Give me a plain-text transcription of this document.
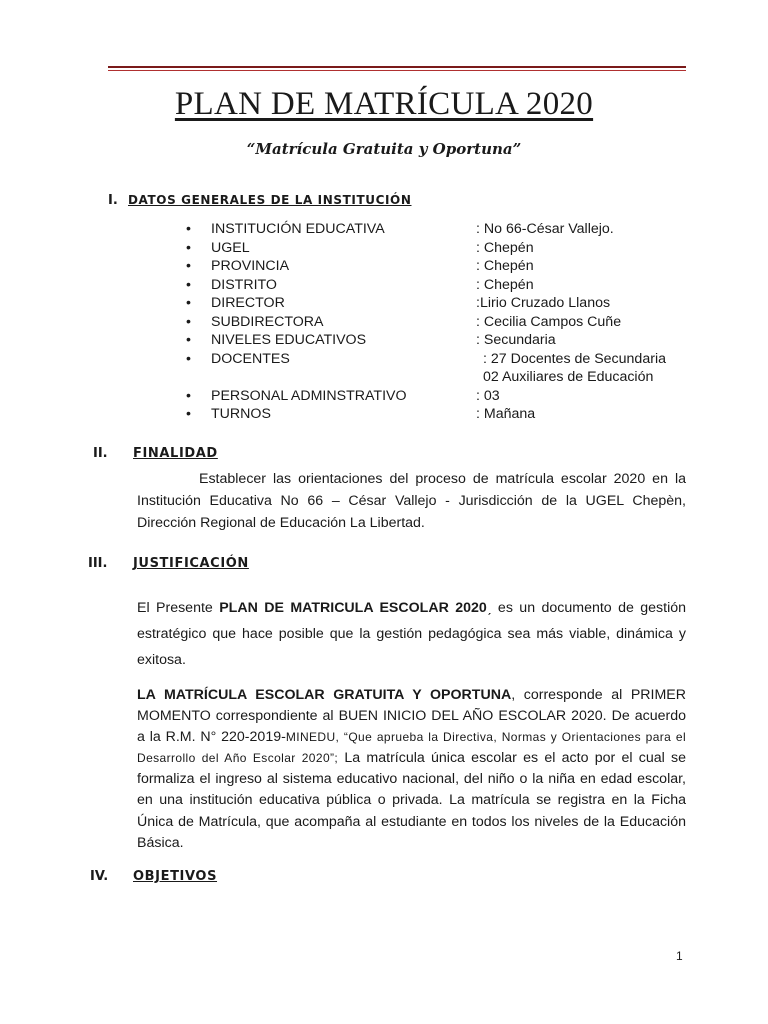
PLAN DE MATRÍCULA 2020
“Matrícula Gratuita y Oportuna”
I. DATOS GENERALES DE LA INSTITUCIÓN
• INSTITUCIÓN EDUCATIVA	: No 66-César Vallejo.
• UGEL	: Chepén
• PROVINCIA	: Chepén
• DISTRITO	: Chepén
• DIRECTOR	:Lirio Cruzado Llanos
• SUBDIRECTORA	: Cecilia Campos Cuñe
• NIVELES EDUCATIVOS	: Secundaria
• DOCENTES	: 27 Docentes de Secundaria
02 Auxiliares de Educación
• PERSONAL ADMINSTRATIVO	: 03
• TURNOS	: Mañana
II. FINALIDAD

Establecer las orientaciones del proceso de matrícula escolar 2020 en la Institución Educativa No 66 – César Vallejo - Jurisdicción de la UGEL Chepèn, Dirección Regional de Educación La Libertad.

III. JUSTIFICACIÓN

El Presente PLAN DE MATRICULA ESCOLAR 2020ˏ es un documento de gestión estratégico que hace posible que la gestión pedagógica sea más viable, dinámica y exitosa.

LA MATRÍCULA ESCOLAR GRATUITA Y OPORTUNA, corresponde al PRIMER MOMENTO correspondiente al BUEN INICIO DEL AÑO ESCOLAR 2020. De acuerdo a la R.M. N° 220-2019-MINEDU, “Que aprueba la Directiva, Normas y Orientaciones para el Desarrollo del Año Escolar 2020”; La matrícula única escolar es el acto por el cual se formaliza el ingreso al sistema educativo nacional, del niño o la niña en edad escolar, en una institución educativa pública o privada. La matrícula se registra en la Ficha Única de Matrícula, que acompaña al estudiante en todos los niveles de la Educación Básica.

IV. OBJETIVOS
1
